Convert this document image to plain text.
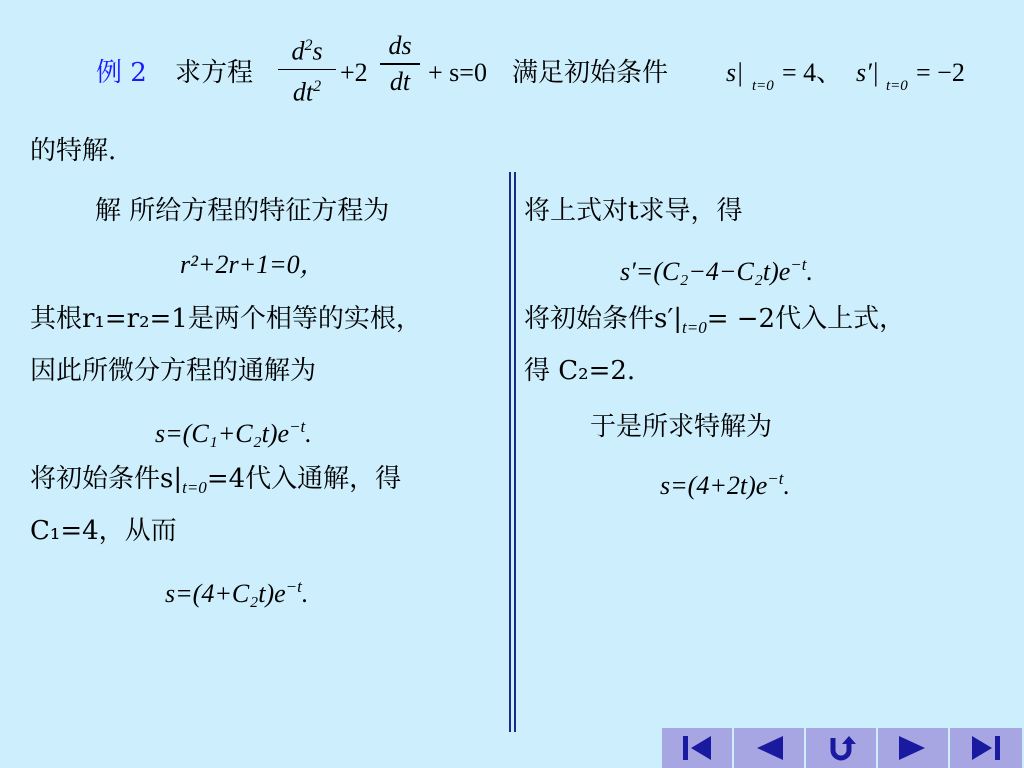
例 2 求方程
$d^2s$
$dt^2 +2$
ds
dt + s=0 满足初始条件 s| t=0 = 4、 s′| t=0 = −2
的特解.
解 所给方程的特征方程为
r²+2r+1=0，
其根r₁=r₂=1是两个相等的实根，
因此所微分方程的通解为
$s=(C_1+C_2t)e^{-t}$.
将初始条件$s|_{t=0}=4$代入通解，得
C₁=4，从而
$s=(4+C_2t)e^{-t}$.
将上式对t求导，得
$s'=(C_2-4-C_2t)e^{-t}$.
将初始条件$s'|_{t=0}= -2$代入上式，
得 C₂=2.
于是所求特解为
$s=(4+2t)e^{-t}$.
